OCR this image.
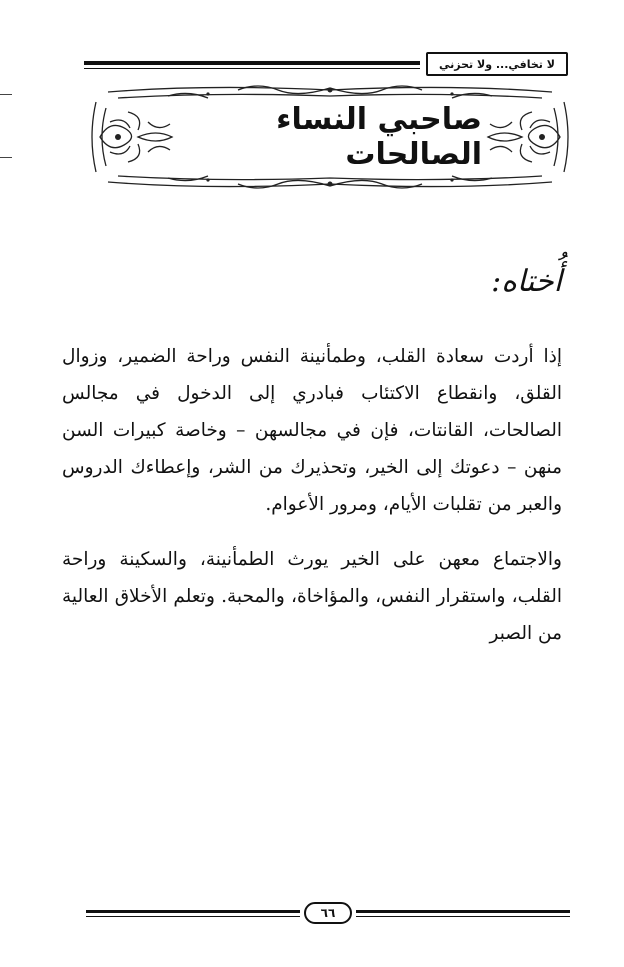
لا تخافي... ولا تحزني
صاحبي النساء الصالحات
أُختاه:

إذا أردت سعادة القلب، وطمأنينة النفس وراحة الضمير، وزوال القلق، وانقطاع الاكتئاب فبادري إلى الدخول في مجالس الصالحات، القانتات، فإن في مجالسهن – وخاصة كبيرات السن منهن – دعوتك إلى الخير، وتحذيرك من الشر، وإعطاءك الدروس والعبر من تقلبات الأيام، ومرور الأعوام.

والاجتماع معهن على الخير يورث الطمأنينة، والسكينة وراحة القلب، واستقرار النفس، والمؤاخاة، والمحبة. وتعلم الأخلاق العالية من الصبر

٦٦
